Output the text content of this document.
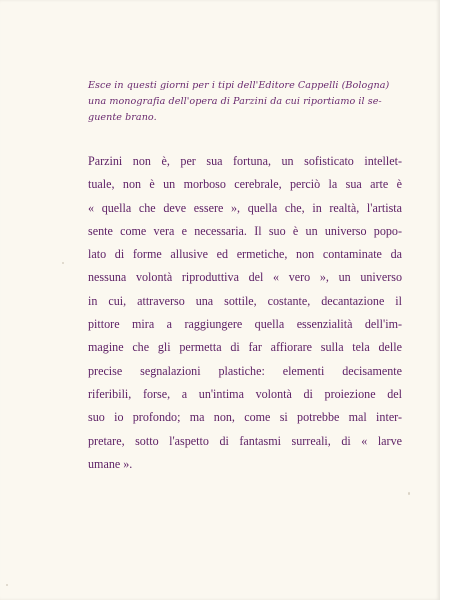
Esce in questi giorni per i tipi dell'Editore Cappelli (Bologna)
una monografia dell'opera di Parzini da cui riportiamo il se-
guente brano.
Parzini non è, per sua fortuna, un sofisticato intellet-
tuale, non è un morboso cerebrale, perciò la sua arte è
« quella che deve essere », quella che, in realtà, l'artista
sente come vera e necessaria. Il suo è un universo popo-
lato di forme allusive ed ermetiche, non contaminate da
nessuna volontà riproduttiva del « vero », un universo
in cui, attraverso una sottile, costante, decantazione il
pittore mira a raggiungere quella essenzialità dell'im-
magine che gli permetta di far affiorare sulla tela delle
precise segnalazioni plastiche: elementi decisamente
riferibili, forse, a un'intima volontà di proiezione del
suo io profondo; ma non, come si potrebbe mal inter-
pretare, sotto l'aspetto di fantasmi surreali, di « larve
umane ».
